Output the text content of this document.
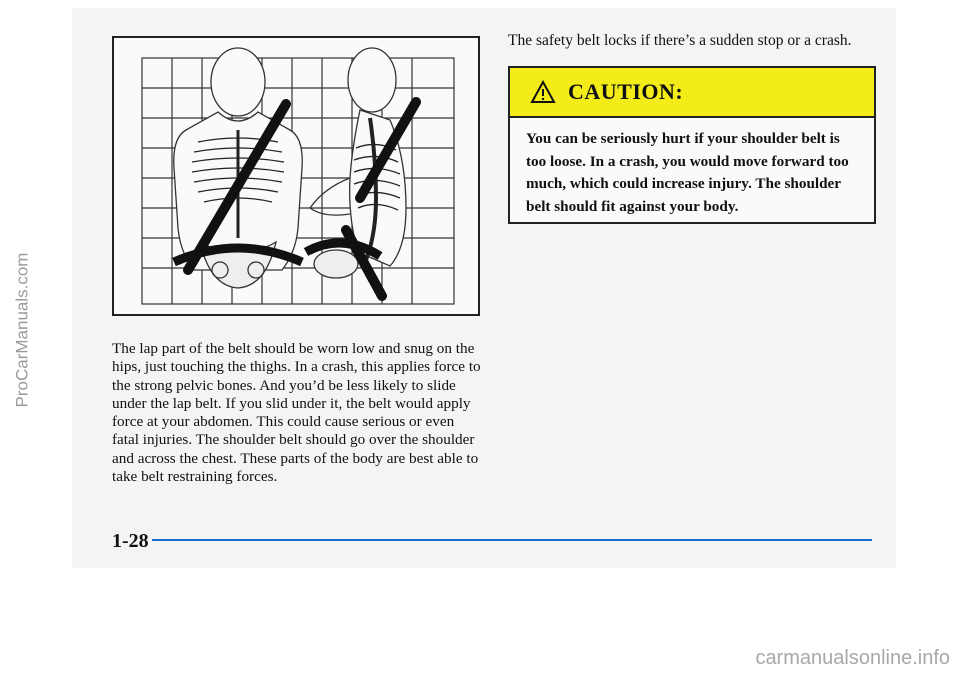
ProCarManuals.com	The lap part of the belt should be worn low and snug on the hips, just touching the thighs. In a crash, this applies force to the strong pelvic bones. And you’d be less likely to slide under the lap belt. If you slid under it, the belt would apply force at your abdomen. This could cause serious or even fatal injuries. The shoulder belt should go over the shoulder and across the chest. These parts of the body are best able to take belt restraining forces.

The safety belt locks if there’s a sudden stop or a crash.

CAUTION:
You can be seriously hurt if your shoulder belt is too loose. In a crash, you would move forward too much, which could increase injury. The shoulder belt should fit against your body.
1-28
carmanualsonline.info
